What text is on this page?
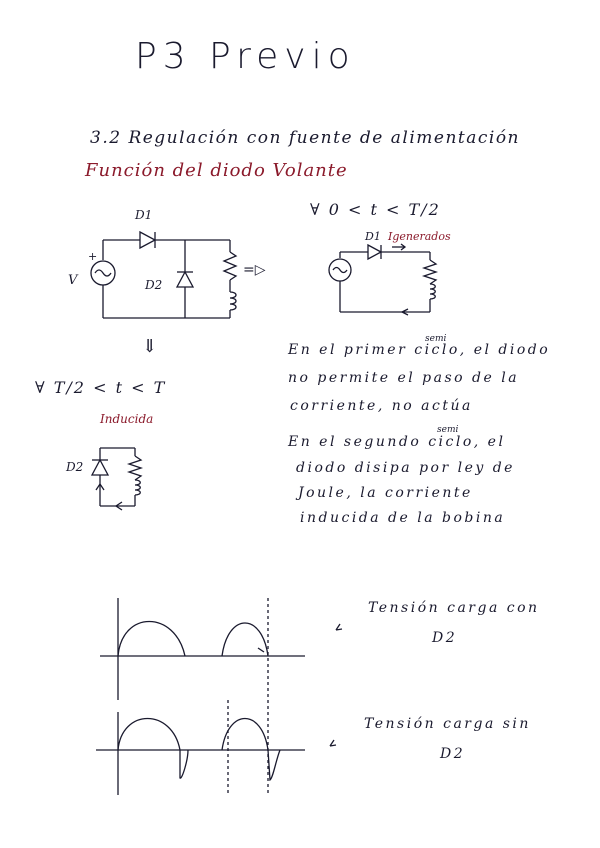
P3 Previo
3.2 Regulación con fuente de alimentación
Función del diodo Volante
∀ 0 < t < T/2
∀ T/2 < t < T
D1
+
V	D2
=▷
⇓
D1 Igenerados
Inducida
D2
semi
En el primer ciclo, el diodo
no permite el paso de la
corriente, no actúa
semi
En el segundo ciclo, el
diodo disipa por ley de
Joule, la corriente
inducida de la bobina
Tensión carga con
D2
Tensión carga sin
D2
